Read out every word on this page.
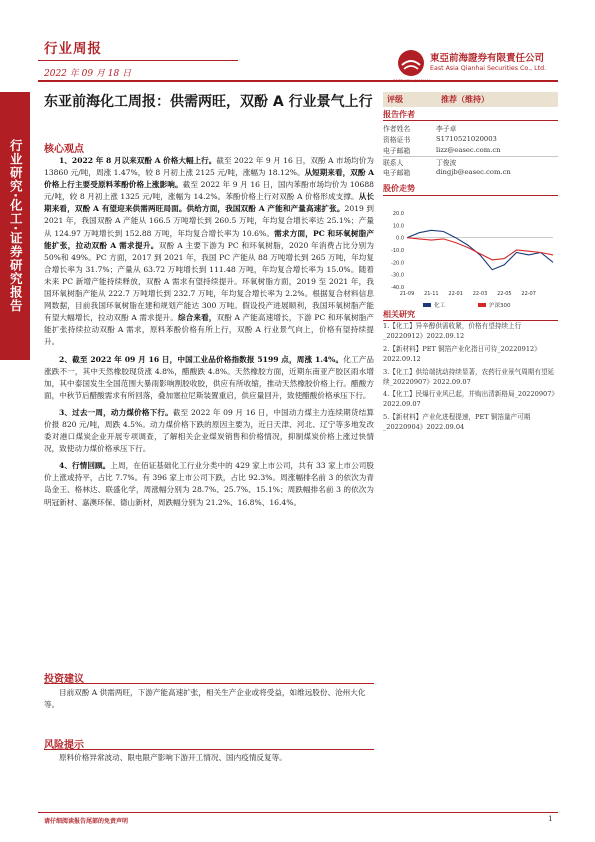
行业研究·化工·证券研究报告
行业周报
2022 年 09 月 18 日
EAST ASIA QIANHAI
東亞前海證券有限責任公司
East Asia Qianhai Securities Co., Ltd.
东亚前海化工周报：供需两旺，双酚 A 行业景气上行
核心观点

1、2022 年 8 月以来双酚 A 价格大幅上行。截至 2022 年 9 月 16 日，双酚 A 市场均价为 13860 元/吨，周涨 1.47%，较 8 月初上涨 2125 元/吨，涨幅为 18.12%。从短期来看，双酚 A 价格上行主要受原料苯酚价格上涨影响。截至 2022 年 9 月 16 日，国内苯酚市场均价为 10688 元/吨，较 8 月初上涨 1325 元/吨，涨幅为 14.2%。苯酚价格上行对双酚 A 价格形成支撑。从长期来看，双酚 A 有望迎来供需两旺局面。供给方面，我国双酚 A 产能和产量高速扩张。2019 到 2021 年，我国双酚 A 产能从 166.5 万吨增长到 260.5 万吨，年均复合增长率达 25.1%；产量从 124.97 万吨增长到 152.88 万吨，年均复合增长率为 10.6%。需求方面，PC 和环氧树脂产能扩张，拉动双酚 A 需求提升。双酚 A 主要下游为 PC 和环氧树脂，2020 年消费占比分别为 50%和 49%。PC 方面，2017 到 2021 年，我国 PC 产能从 88 万吨增长到 265 万吨，年均复合增长率为 31.7%；产量从 63.72 万吨增长到 111.48 万吨，年均复合增长率为 15.0%。随着未来 PC 新增产能持续释放，双酚 A 需求有望持续提升。环氧树脂方面，2019 至 2021 年，我国环氧树脂产能从 222.7 万吨增长到 232.7 万吨，年均复合增长率为 2.2%。根据复合材料信息网数据，目前我国环氧树脂在建和规划产能达 300 万吨。假设投产进展顺利，我国环氧树脂产能有望大幅增长，拉动双酚 A 需求提升。综合来看，双酚 A 产能高速增长，下游 PC 和环氧树脂产能扩张持续拉动双酚 A 需求，原料苯酚价格有所上行，双酚 A 行业景气向上，价格有望持续提升。

2、截至 2022 年 09 月 16 日，中国工业品价格指数报 5199 点，周涨 1.4%。化工产品涨跌不一，其中天然橡胶现货涨 4.8%，醋酸跌 4.8%。天然橡胶方面，近期东南亚产胶区雨水增加，其中泰国发生全国范围大暴雨影响割胶收胶，供应有所收缩，推动天然橡胶价格上行。醋酸方面，中秋节后醋酸需求有所回落，叠加塞拉尼斯装置重启，供应量回升，致使醋酸价格承压下行。

3、过去一周，动力煤价格下行。截至 2022 年 09 月 16 日，中国动力煤主力连续期货结算价报 820 元/吨，周跌 4.5%。动力煤价格下跌的原因主要为，近日天津、河北、辽宁等多地发改委对港口煤炭企业开展专项调查，了解相关企业煤炭销售和价格情况，抑制煤炭价格上涨过快情况，致使动力煤价格承压下行。

4、行情回顾。上周，在佰证基础化工行业分类中的 429 家上市公司，共有 33 家上市公司股价上涨或持平，占比 7.7%。有 396 家上市公司下跌，占比 92.3%。周涨幅排名前 3 的依次为青岛金王、格林达、联盛化学，周涨幅分别为 28.7%、25.7%、15.1%；周跌幅排名前 3 的依次为明冠新材、嘉澳环保、德山新材，周跌幅分别为 21.2%、16.8%、16.4%。

投资建议
目前双酚 A 供需两旺，下游产能高速扩张，相关生产企业或将受益，如维远股份、沧州大化等。
风险提示
原料价格异常波动、限电限产影响下游开工情况、国内疫情反复等。
评级	推荐（维持）
报告作者
作者姓名	李子卓
资格证书	S1710521020003
电子邮箱	lizz@easec.com.cn
联系人	丁俊波
电子邮箱	dingjb@easec.com.cn
股价走势
20.0
10.0
0.0
-10.0
-20.0
-30.0
-40.0
21-09 21-11 22-01 22-03 22-05 22-07
化工	沪深300
相关研究
1.【化工】异辛醇供需收紧，价格有望持续上行_20220912》2022.09.12
2.【新材料】PET 铜箔产业化指日可待_20220912》2022.09.12
3.【化工】供给端扰动持续显著，农药行业景气周期有望延续_20220907》2022.09.07
4.【化工】民爆行业风已起，并购出清新格局_20220907》2022.09.07
5.【新材料】产业化进程提速，PET 铜箔量产可期_20220904》2022.09.04
请仔细阅读报告尾部的免责声明	1
